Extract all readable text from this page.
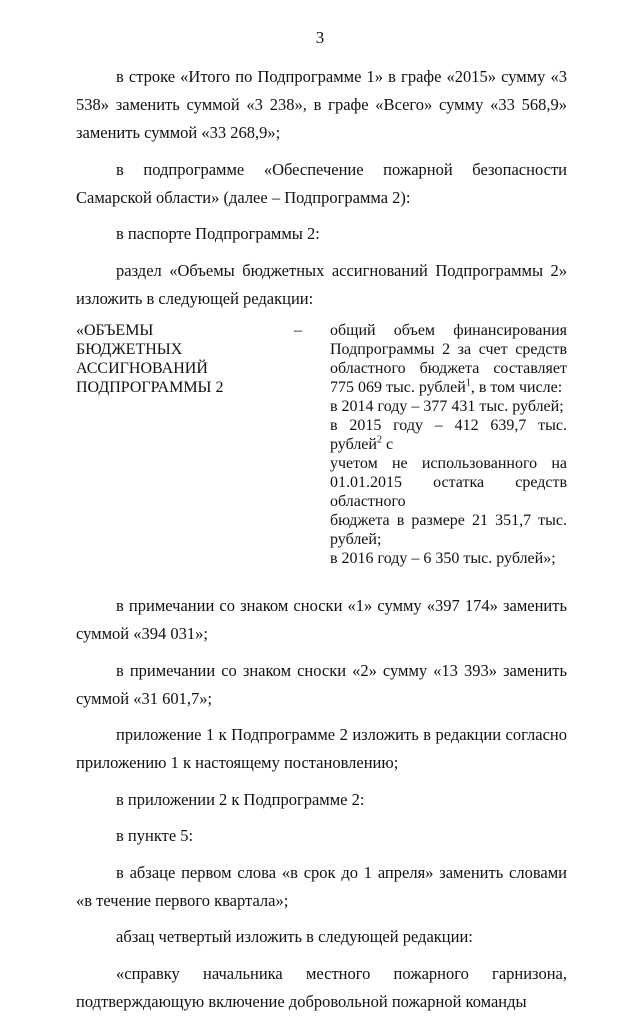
3

в строке «Итого по Подпрограмме 1» в графе «2015» сумму «3 538» заменить суммой «3 238», в графе «Всего» сумму «33 568,9» заменить суммой «33 268,9»;

в подпрограмме «Обеспечение пожарной безопасности Самарской области» (далее – Подпрограмма 2):

в паспорте Подпрограммы 2:

раздел «Объемы бюджетных ассигнований Подпрограммы 2» изложить в следующей редакции:

«ОБЪЕМЫ
БЮДЖЕТНЫХ
АССИГНОВАНИЙ
ПОДПРОГРАММЫ 2
–	общий объем финансирования
Подпрограммы 2 за счет средств
областного бюджета составляет
775 069 тыс. рублей$^1$, в том числе:
в 2014 году – 377 431 тыс. рублей;
в 2015 году – 412 639,7 тыс. рублей$^2$ с
учетом не использованного на
01.01.2015 остатка средств областного
бюджета в размере 21 351,7 тыс.
рублей;
в 2016 году – 6 350 тыс. рублей»;

в примечании со знаком сноски «1» сумму «397 174» заменить суммой «394 031»;

в примечании со знаком сноски «2» сумму «13 393» заменить суммой «31 601,7»;

приложение 1 к Подпрограмме 2 изложить в редакции согласно приложению 1 к настоящему постановлению;

в приложении 2 к Подпрограмме 2:

в пункте 5:

в абзаце первом слова «в срок до 1 апреля» заменить словами «в течение первого квартала»;

абзац четвертый изложить в следующей редакции:

«справку начальника местного пожарного гарнизона, подтверждающую включение добровольной пожарной команды
